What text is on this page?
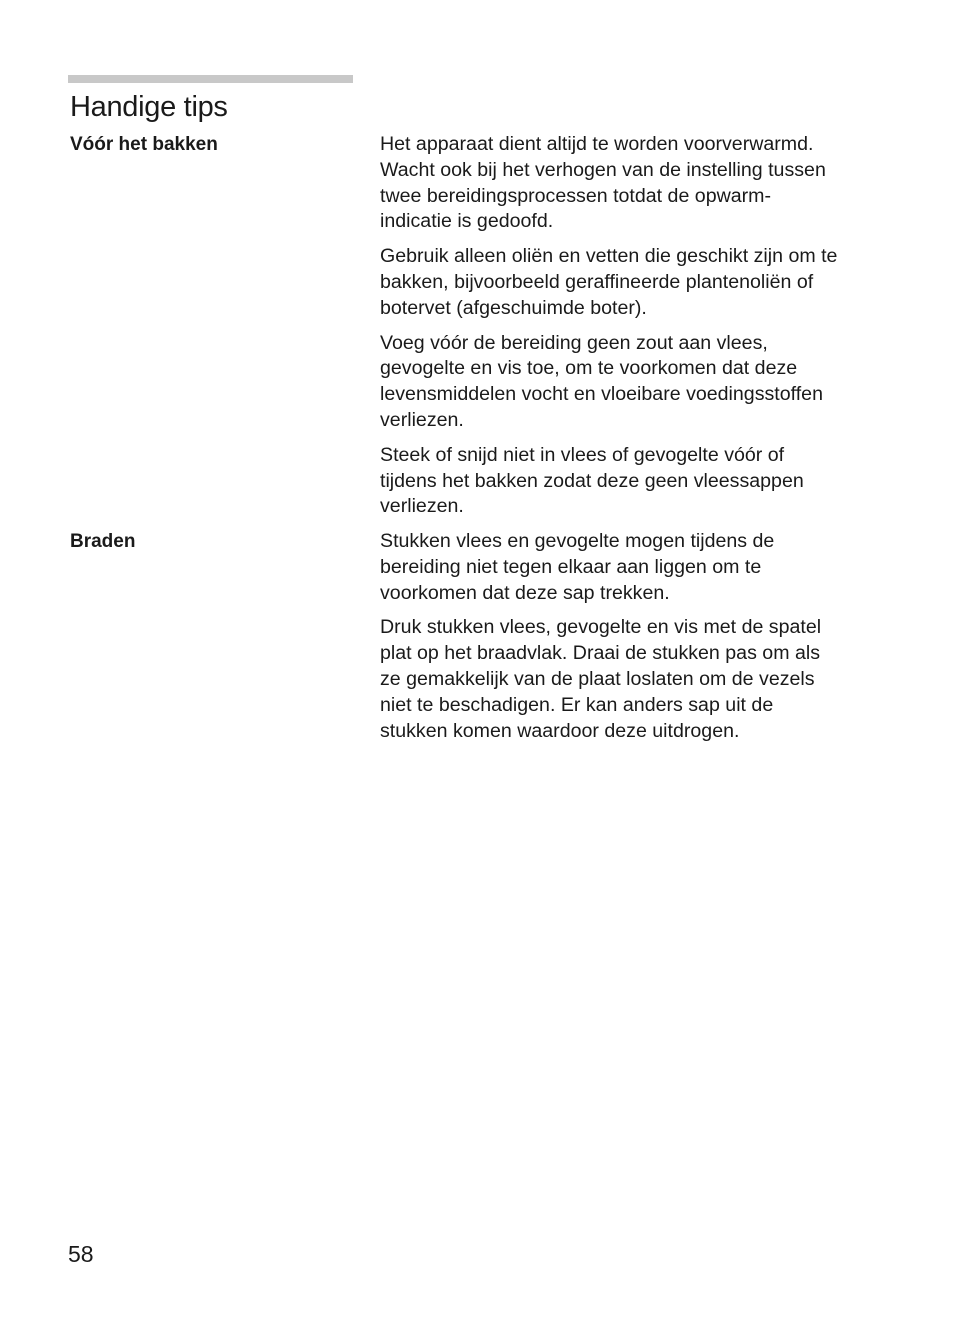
Handige tips
Vóór het bakken	Het apparaat dient altijd te worden voorverwarmd.
Wacht ook bij het verhogen van de instelling tussen
twee bereidingsprocessen totdat de opwarm-
indicatie is gedoofd.

Gebruik alleen oliën en vetten die geschikt zijn om te
bakken, bijvoorbeeld geraffineerde plantenoliën of
botervet (afgeschuimde boter).

Voeg vóór de bereiding geen zout aan vlees,
gevogelte en vis toe, om te voorkomen dat deze
levensmiddelen vocht en vloeibare voedingsstoffen
verliezen.

Steek of snijd niet in vlees of gevogelte vóór of
tijdens het bakken zodat deze geen vleessappen
verliezen.

Braden	Stukken vlees en gevogelte mogen tijdens de
bereiding niet tegen elkaar aan liggen om te
voorkomen dat deze sap trekken.

Druk stukken vlees, gevogelte en vis met de spatel
plat op het braadvlak. Draai de stukken pas om als
ze gemakkelijk van de plaat loslaten om de vezels
niet te beschadigen. Er kan anders sap uit de
stukken komen waardoor deze uitdrogen.

58
